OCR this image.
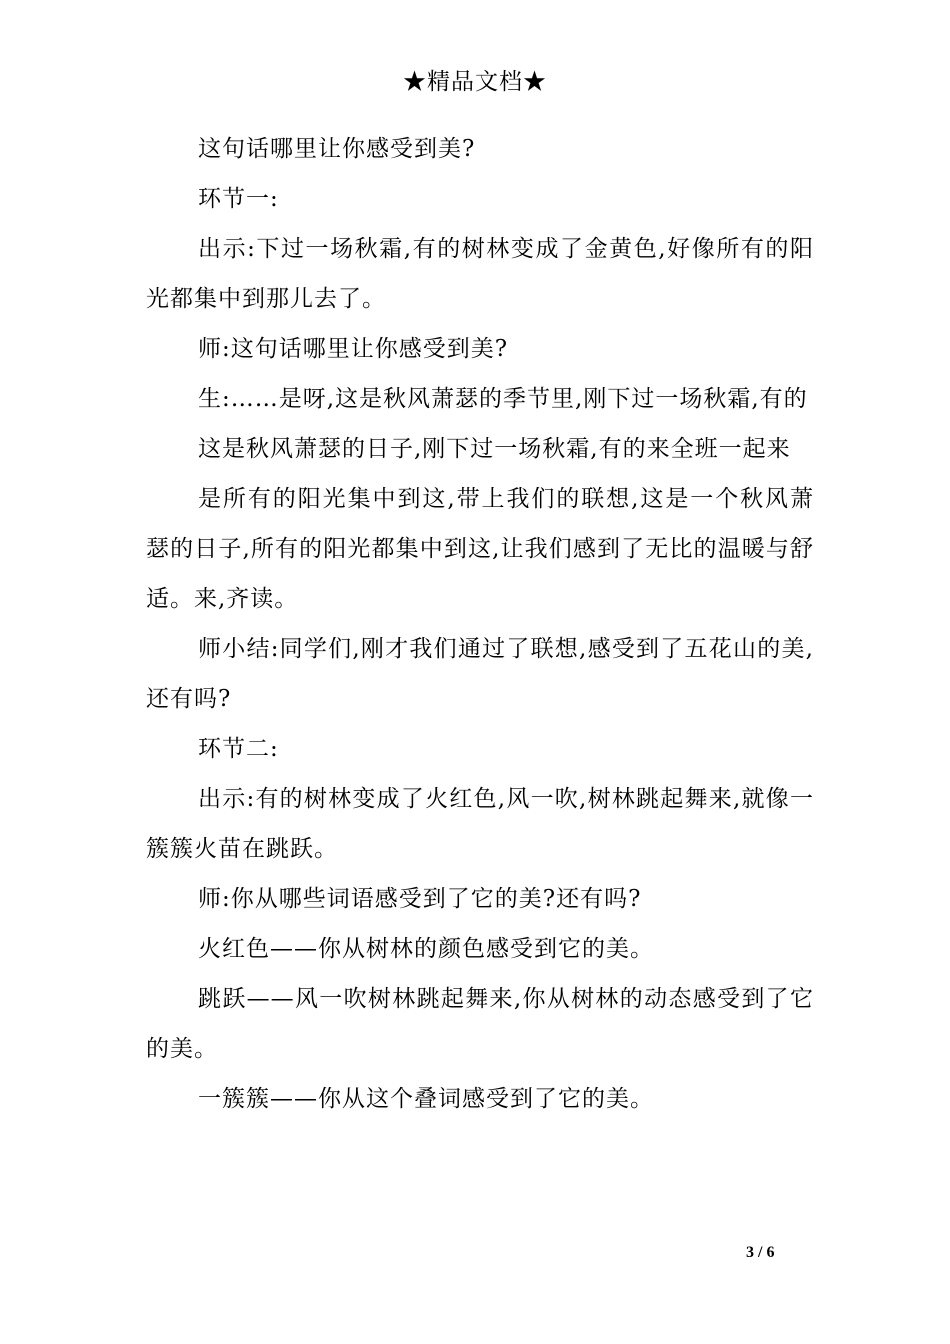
★精品文档★

这句话哪里让你感受到美?

环节一:

出示:下过一场秋霜,有的树林变成了金黄色,好像所有的阳光都集中到那儿去了。

师:这句话哪里让你感受到美?

生:……是呀,这是秋风萧瑟的季节里,刚下过一场秋霜,有的

这是秋风萧瑟的日子,刚下过一场秋霜,有的来全班一起来

是所有的阳光集中到这,带上我们的联想,这是一个秋风萧瑟的日子,所有的阳光都集中到这,让我们感到了无比的温暖与舒适。来,齐读。

师小结:同学们,刚才我们通过了联想,感受到了五花山的美,还有吗?

环节二:

出示:有的树林变成了火红色,风一吹,树林跳起舞来,就像一簇簇火苗在跳跃。

师:你从哪些词语感受到了它的美?还有吗?

火红色——你从树林的颜色感受到它的美。

跳跃——风一吹树林跳起舞来,你从树林的动态感受到了它的美。

一簇簇——你从这个叠词感受到了它的美。

3 / 6
